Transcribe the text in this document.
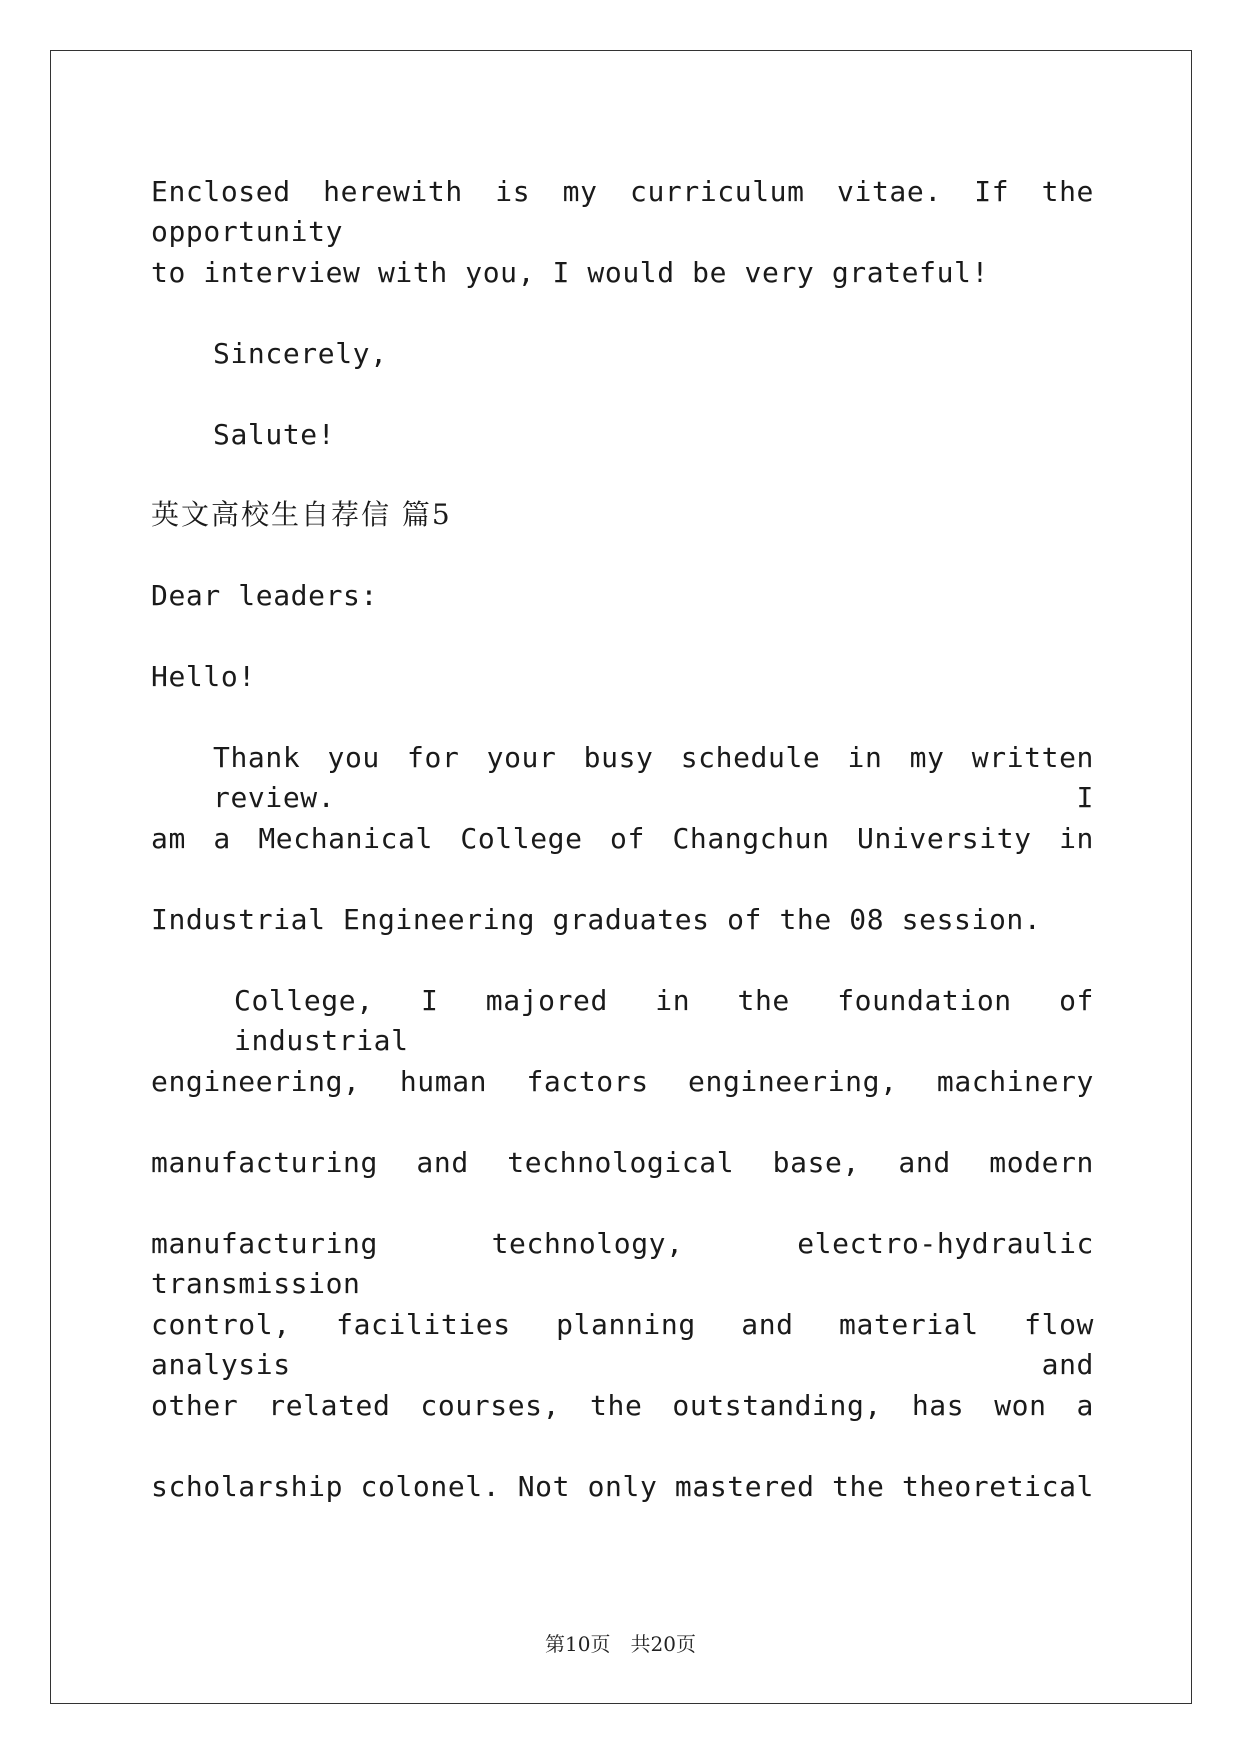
Enclosed herewith is my curriculum vitae. If the opportunity
to interview with you, I would be very grateful!
Sincerely,
Salute!
英文高校生自荐信 篇5
Dear leaders:
Hello!
Thank you for your busy schedule in my written review. I
am a Mechanical College of Changchun University in
Industrial Engineering graduates of the 08 session.
College, I majored in the foundation of industrial
engineering, human factors engineering, machinery
manufacturing and technological base, and modern
manufacturing technology, electro-hydraulic transmission
control, facilities planning and material flow analysis and
other related courses, the outstanding, has won a
scholarship colonel. Not only mastered the theoretical
第10页　共20页
